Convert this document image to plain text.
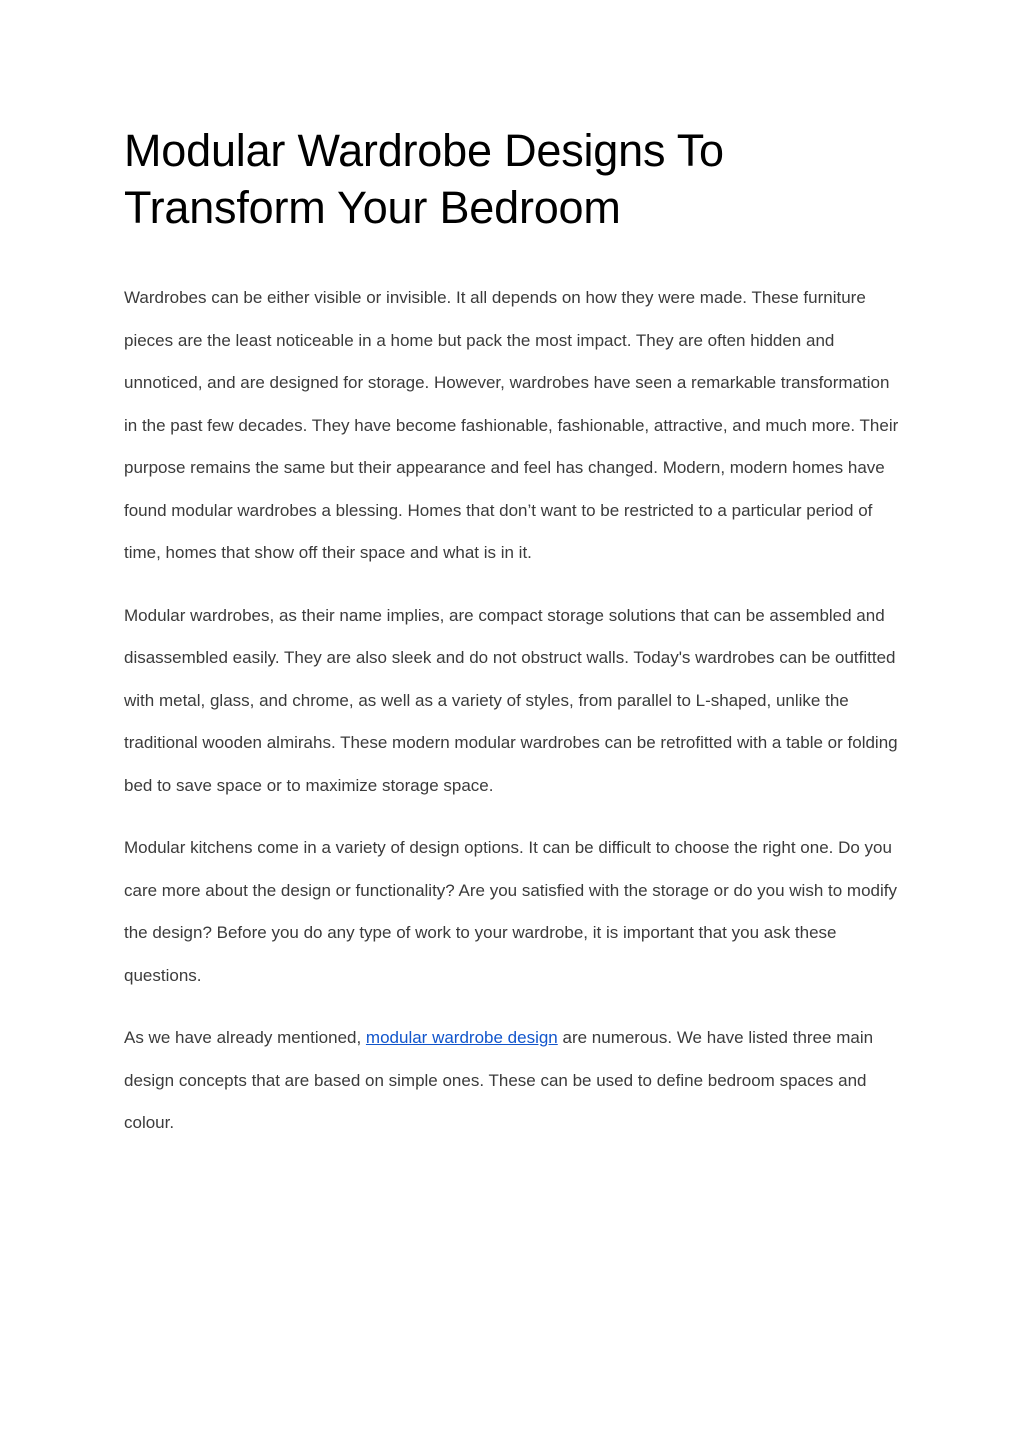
Modular Wardrobe Designs To Transform Your Bedroom

Wardrobes can be either visible or invisible. It all depends on how they were made. These furniture pieces are the least noticeable in a home but pack the most impact. They are often hidden and unnoticed, and are designed for storage. However, wardrobes have seen a remarkable transformation in the past few decades. They have become fashionable, fashionable, attractive, and much more. Their purpose remains the same but their appearance and feel has changed. Modern, modern homes have found modular wardrobes a blessing. Homes that don’t want to be restricted to a particular period of time, homes that show off their space and what is in it.

Modular wardrobes, as their name implies, are compact storage solutions that can be assembled and disassembled easily. They are also sleek and do not obstruct walls. Today's wardrobes can be outfitted with metal, glass, and chrome, as well as a variety of styles, from parallel to L-shaped, unlike the traditional wooden almirahs. These modern modular wardrobes can be retrofitted with a table or folding bed to save space or to maximize storage space.

Modular kitchens come in a variety of design options. It can be difficult to choose the right one. Do you care more about the design or functionality? Are you satisfied with the storage or do you wish to modify the design? Before you do any type of work to your wardrobe, it is important that you ask these questions.

As we have already mentioned, modular wardrobe design are numerous. We have listed three main design concepts that are based on simple ones. These can be used to define bedroom spaces and colour.
